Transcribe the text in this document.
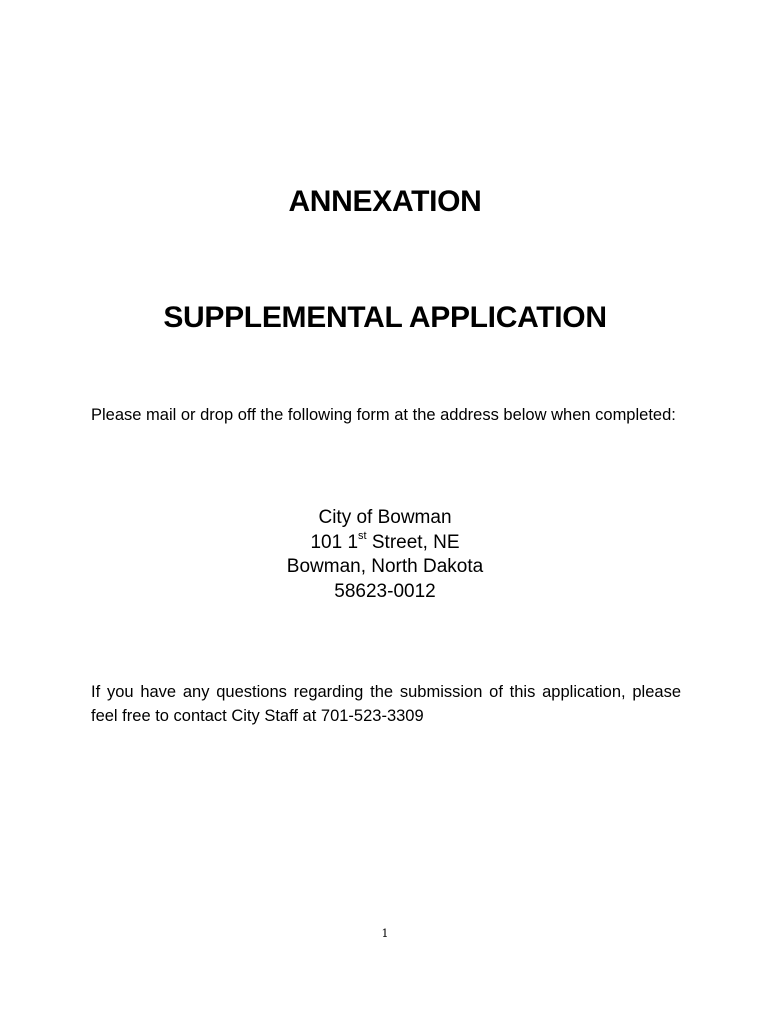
ANNEXATION
SUPPLEMENTAL APPLICATION

Please mail or drop off the following form at the address below when completed:

City of Bowman
101 1st Street, NE
Bowman, North Dakota
58623-0012

If you have any questions regarding the submission of this application, please feel free to contact City Staff at 701-523-3309

1
